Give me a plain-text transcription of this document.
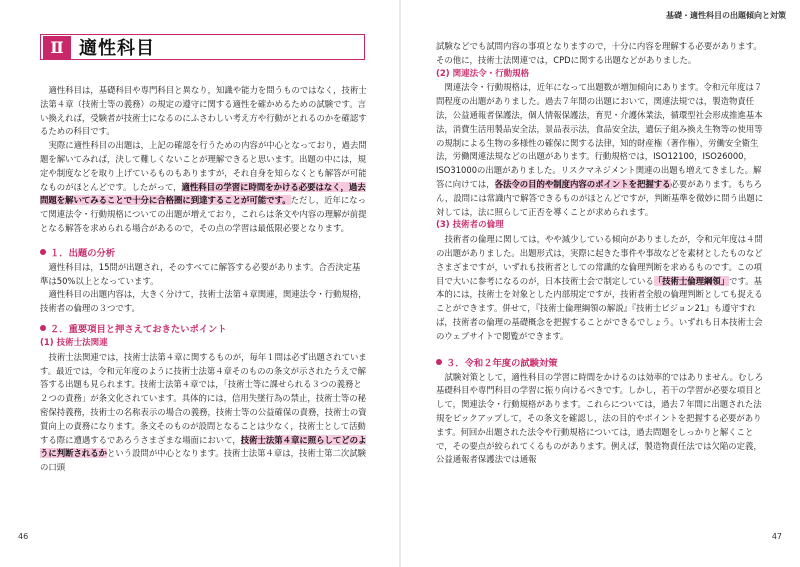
Ⅱ 適性科目

適性科目は，基礎科目や専門科目と異なり，知識や能力を問うものではなく，技術士法第４章（技術士等の義務）の規定の遵守に関する適性を確かめるための試験です。言い換えれば，受験者が技術士になるのにふさわしい考え方や行動がとれるのかを確認するための科目です。

実際に適性科目の出題は，上記の確認を行うための内容が中心となっており，過去問題を解いてみれば，決して難しくないことが理解できると思います。出題の中には，規定や制度などを取り上げているものもありますが，それ自身を知らなくとも解答が可能なものがほとんどです。したがって，適性科目の学習に時間をかける必要はなく，過去問題を解いてみることで十分に合格圏に到達することが可能です。ただし，近年になって関連法令・行動規格についての出題が増えており，これらは条文や内容の理解が前提となる解答を求められる場合があるので，その点の学習は最低限必要となります。

１．出題の分析

適性科目は，15問が出題され，そのすべてに解答する必要があります。合否決定基準は50%以上となっています。

適性科目の出題内容は，大きく分けて，技術士法第４章関連，関連法令・行動規格，技術者の倫理の３つです。

２．重要項目と押さえておきたいポイント
(1) 技術士法関連

技術士法関連では，技術士法第４章に関するものが，毎年１問は必ず出題されています。最近では，令和元年度のように技術士法第４章そのものの条文が示されたうえで解答する出題も見られます。技術士法第４章では，「技術士等に課せられる３つの義務と２つの責務」が条文化されています。具体的には，信用失墜行為の禁止，技術士等の秘密保持義務，技術士の名称表示の場合の義務，技術士等の公益確保の責務，技術士の資質向上の責務になります。条文そのものが設問となることは少なく，技術士として活動する際に遭遇するであろうさまざまな場面において，技術士法第４章に照らしてどのように判断されるかという設問が中心となります。技術士法第４章は，技術士第二次試験の口頭

46
基礎・適性科目の出題傾向と対策

試験などでも試問内容の事項となりますので，十分に内容を理解する必要があります。その他に，技術士法関連では，CPDに関する出題などがありました。

(2) 関連法令・行動規格

関連法令・行動規格は，近年になって出題数が増加傾向にあります。令和元年度は７問程度の出題がありました。過去７年間の出題において，関連法規では，製造物責任法，公益通報者保護法，個人情報保護法，育児・介護休業法，循環型社会形成推進基本法，消費生活用製品安全法，景品表示法，食品安全法，遺伝子組み換え生物等の使用等の規制による生物の多様性の確保に関する法律，知的財産権（著作権），労働安全衛生法，労働関連法規などの出題があります。行動規格では，ISO12100，ISO26000，ISO31000の出題がありました。リスクマネジメント関連の出題も増えてきました。解答に向けては，各法令の目的や制度内容のポイントを把握する必要があります。もちろん，設問には常識内で解答できるものがほとんどですが，判断基準を微妙に問う出題に対しては，法に照らして正否を導くことが求められます。

(3) 技術者の倫理

技術者の倫理に関しては，やや減少している傾向がありましたが，令和元年度は４問の出題がありました。出題形式は，実際に起きた事件や事故などを素材としたものなどさまざまですが，いずれも技術者としての常識的な倫理判断を求めるものです。この項目で大いに参考になるのが，日本技術士会で制定している「技術士倫理綱領」です。基本的には，技術士を対象とした内部規定ですが，技術者全般の倫理判断としても捉えることができます。併せて，『技術士倫理綱領の解説』『技術士ビジョン21』も遵守すれば，技術者の倫理の基礎概念を把握することができるでしょう。いずれも日本技術士会のウェブサイトで閲覧ができます。

３．令和２年度の試験対策

試験対策として，適性科目の学習に時間をかけるのは効率的ではありません。むしろ基礎科目や専門科目の学習に振り向けるべきです。しかし，若干の学習が必要な項目として，関連法令・行動規格があります。これらについては，過去７年間に出題された法規をピックアップして，その条文を確認し，法の目的やポイントを把握する必要があります。何回か出題された法令や行動規格については，過去問題をしっかりと解くことで，その要点が絞られてくるものがあります。例えば，製造物責任法では欠陥の定義，公益通報者保護法では通報

47
